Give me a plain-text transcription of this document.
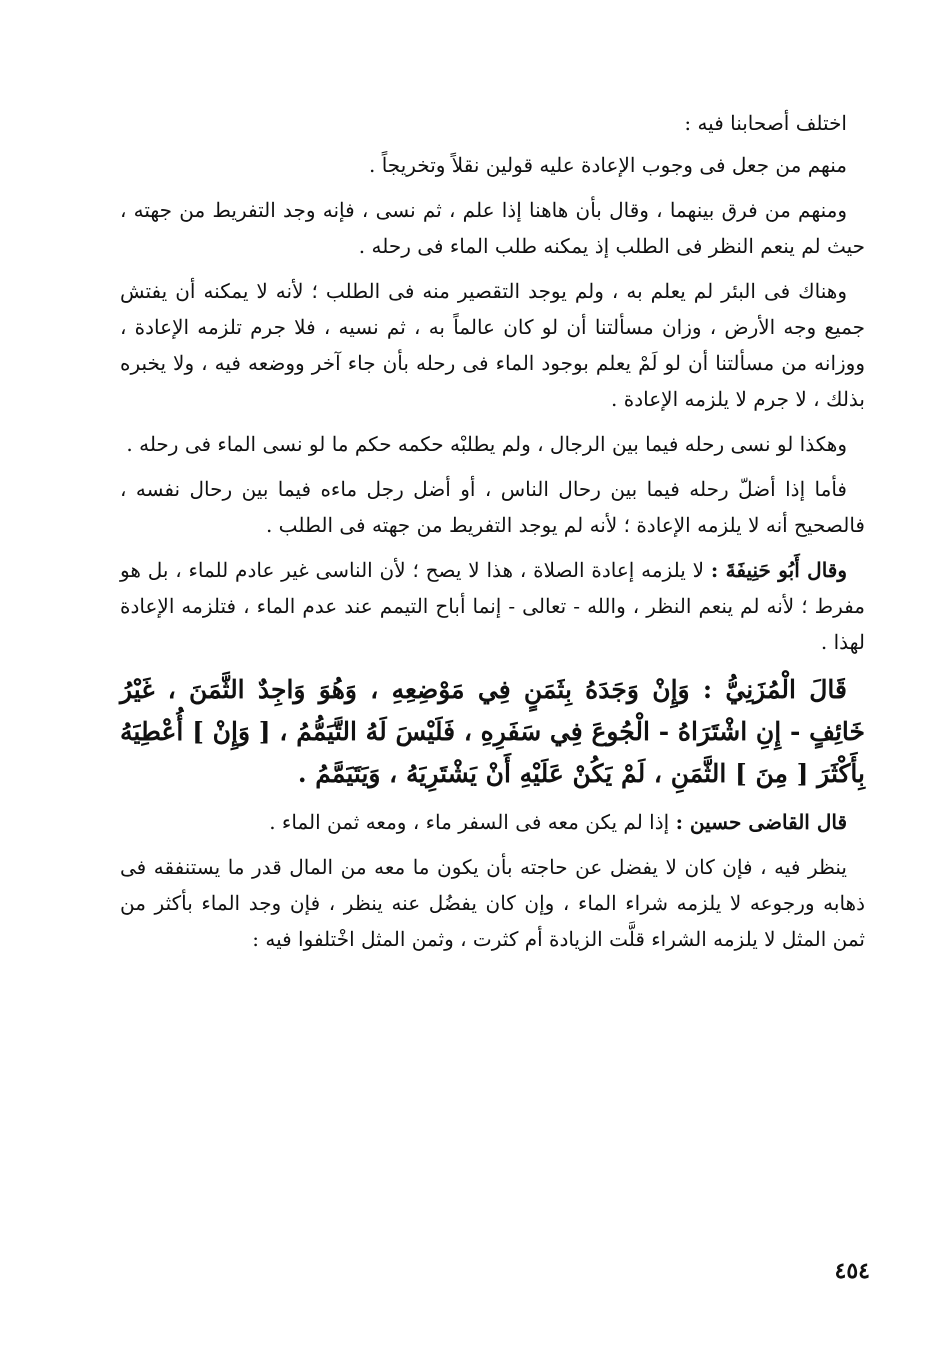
اختلف أصحابنا فيه :

منهم من جعل فى وجوب الإعادة عليه قولين نقلاً وتخريجاً .

ومنهم من فرق بينهما ، وقال بأن هاهنا إذا علم ، ثم نسى ، فإنه وجد التفريط من جهته ، حيث لم ينعم النظر فى الطلب إذ يمكنه طلب الماء فى رحله .

وهناك فى البئر لم يعلم به ، ولم يوجد التقصير منه فى الطلب ؛ لأنه لا يمكنه أن يفتش جميع وجه الأرض ، وزان مسألتنا أن لو كان عالماً به ، ثم نسيه ، فلا جرم تلزمه الإعادة ، ووزانه من مسألتنا أن لو لَمْ يعلم بوجود الماء فى رحله بأن جاء آخر ووضعه فيه ، ولا يخبره بذلك ، لا جرم لا يلزمه الإعادة .

وهكذا لو نسى رحله فيما بين الرجال ، ولم يطلبْه حكمه حكم ما لو نسى الماء فى رحله .

فأما إذا أضلّ رحله فيما بين رحال الناس ، أو أضل رجل ماءه فيما بين رحال نفسه ، فالصحيح أنه لا يلزمه الإعادة ؛ لأنه لم يوجد التفريط من جهته فى الطلب .

وقال أَبُو حَنِيفَةَ : لا يلزمه إعادة الصلاة ، هذا لا يصح ؛ لأن الناسى غير عادم للماء ، بل هو مفرط ؛ لأنه لم ينعم النظر ، والله - تعالى - إنما أباح التيمم عند عدم الماء ، فتلزمه الإعادة لهذا .

قَالَ الْمُزَنِيُّ : وَإِنْ وَجَدَهُ بِثَمَنٍ فِي مَوْضِعِهِ ، وَهُوَ وَاجِدٌ الثَّمَنَ ، غَيْرُ خَائِفٍ - إِنِ اشْتَرَاهُ - الْجُوعَ فِي سَفَرِهِ ، فَلَيْسَ لَهُ التَّيَمُّمُ ، [ وَإِنْ ] أُعْطِيَهُ بِأَكْثَرَ [ مِنَ ] الثَّمَنِ ، لَمْ يَكُنْ عَلَيْهِ أَنْ يَشْتَرِيَهُ ، وَيَتَيَمَّمُ .

قال القاضى حسين : إذا لم يكن معه فى السفر ماء ، ومعه ثمن الماء .

ينظر فيه ، فإن كان لا يفضل عن حاجته بأن يكون ما معه من المال قدر ما يستنفقه فى ذهابه ورجوعه لا يلزمه شراء الماء ، وإن كان يفضُل عنه ينظر ، فإن وجد الماء بأكثر من ثمن المثل لا يلزمه الشراء قلَّت الزيادة أم كثرت ، وثمن المثل اخْتلفوا فيه :

٤٥٤
